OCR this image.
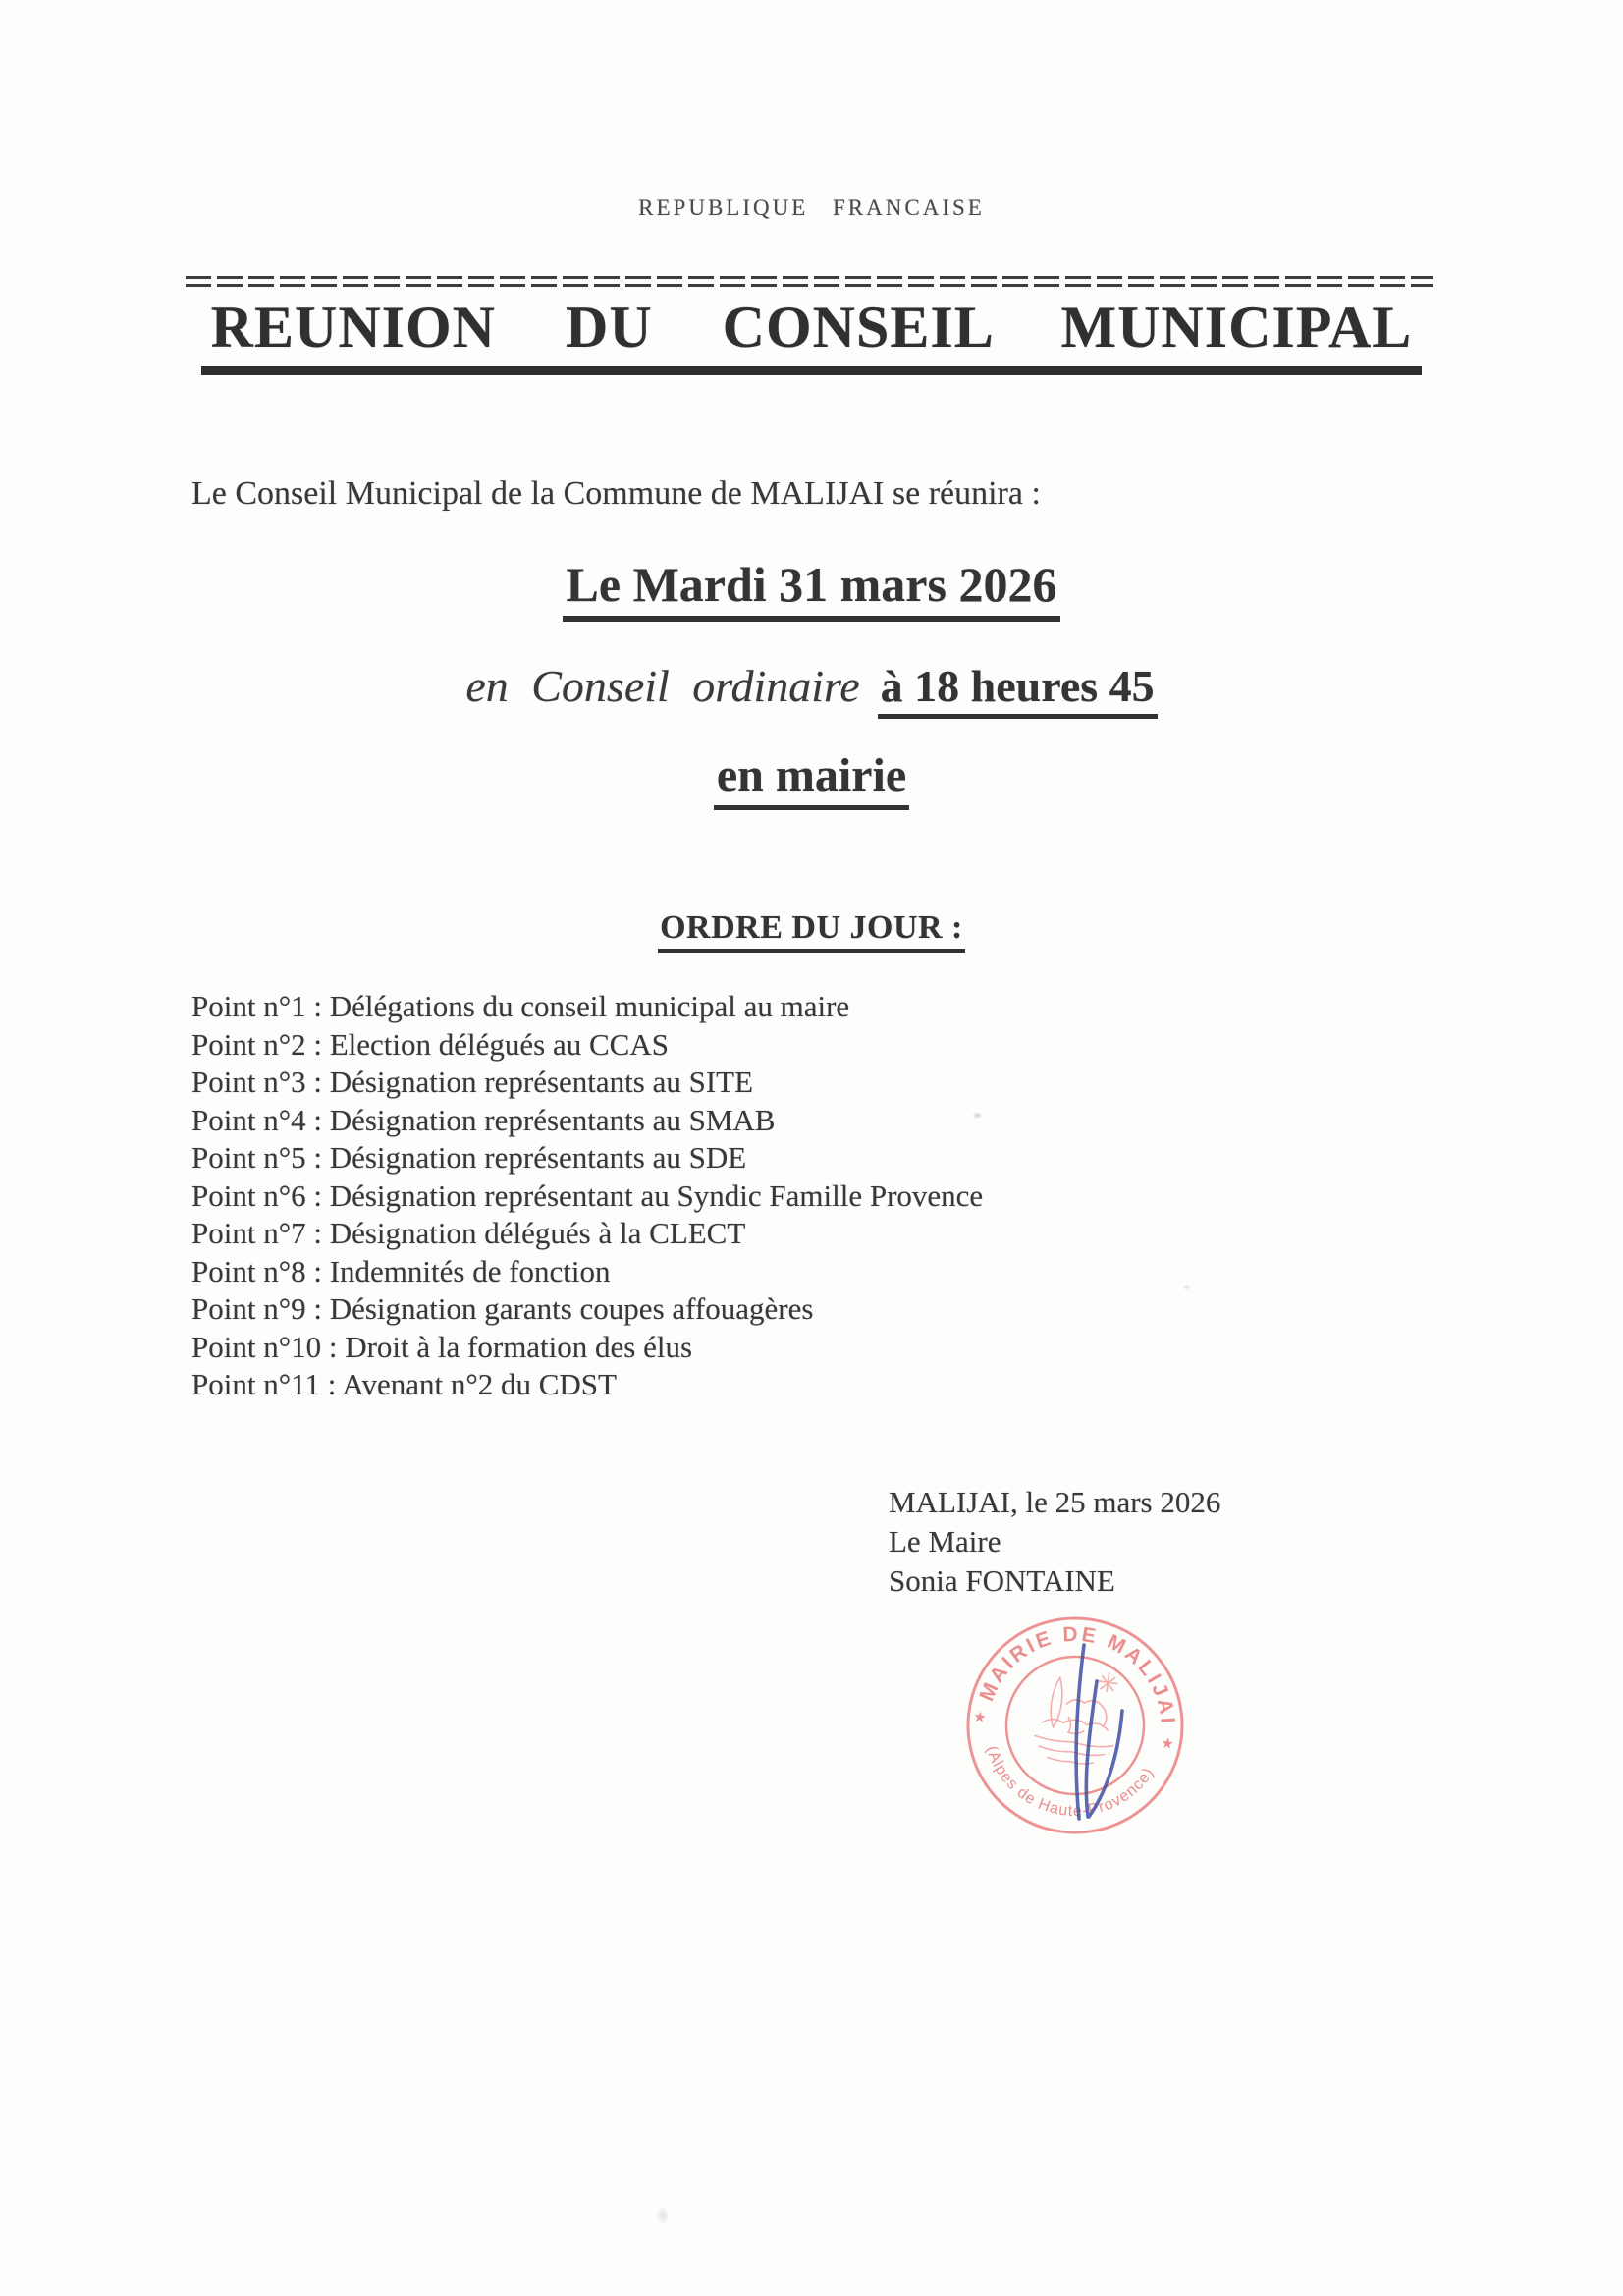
REPUBLIQUE FRANCAISE
REUNION DU CONSEIL MUNICIPAL
Le Conseil Municipal de la Commune de MALIJAI se réunira :
Le Mardi 31 mars 2026
en Conseil ordinaire à 18 heures 45
en mairie
ORDRE DU JOUR :
Point n°1 : Délégations du conseil municipal au maire
Point n°2 : Election délégués au CCAS
Point n°3 : Désignation représentants au SITE
Point n°4 : Désignation représentants au SMAB
Point n°5 : Désignation représentants au SDE
Point n°6 : Désignation représentant au Syndic Famille Provence
Point n°7 : Désignation délégués à la CLECT
Point n°8 : Indemnités de fonction
Point n°9 : Désignation garants coupes affouagères
Point n°10 : Droit à la formation des élus
Point n°11 : Avenant n°2 du CDST
MALIJAI, le 25 mars 2026
Le Maire
Sonia FONTAINE
MAIRIE DE MALIJAI
(Alpes de Haute-Provence)
★
★
